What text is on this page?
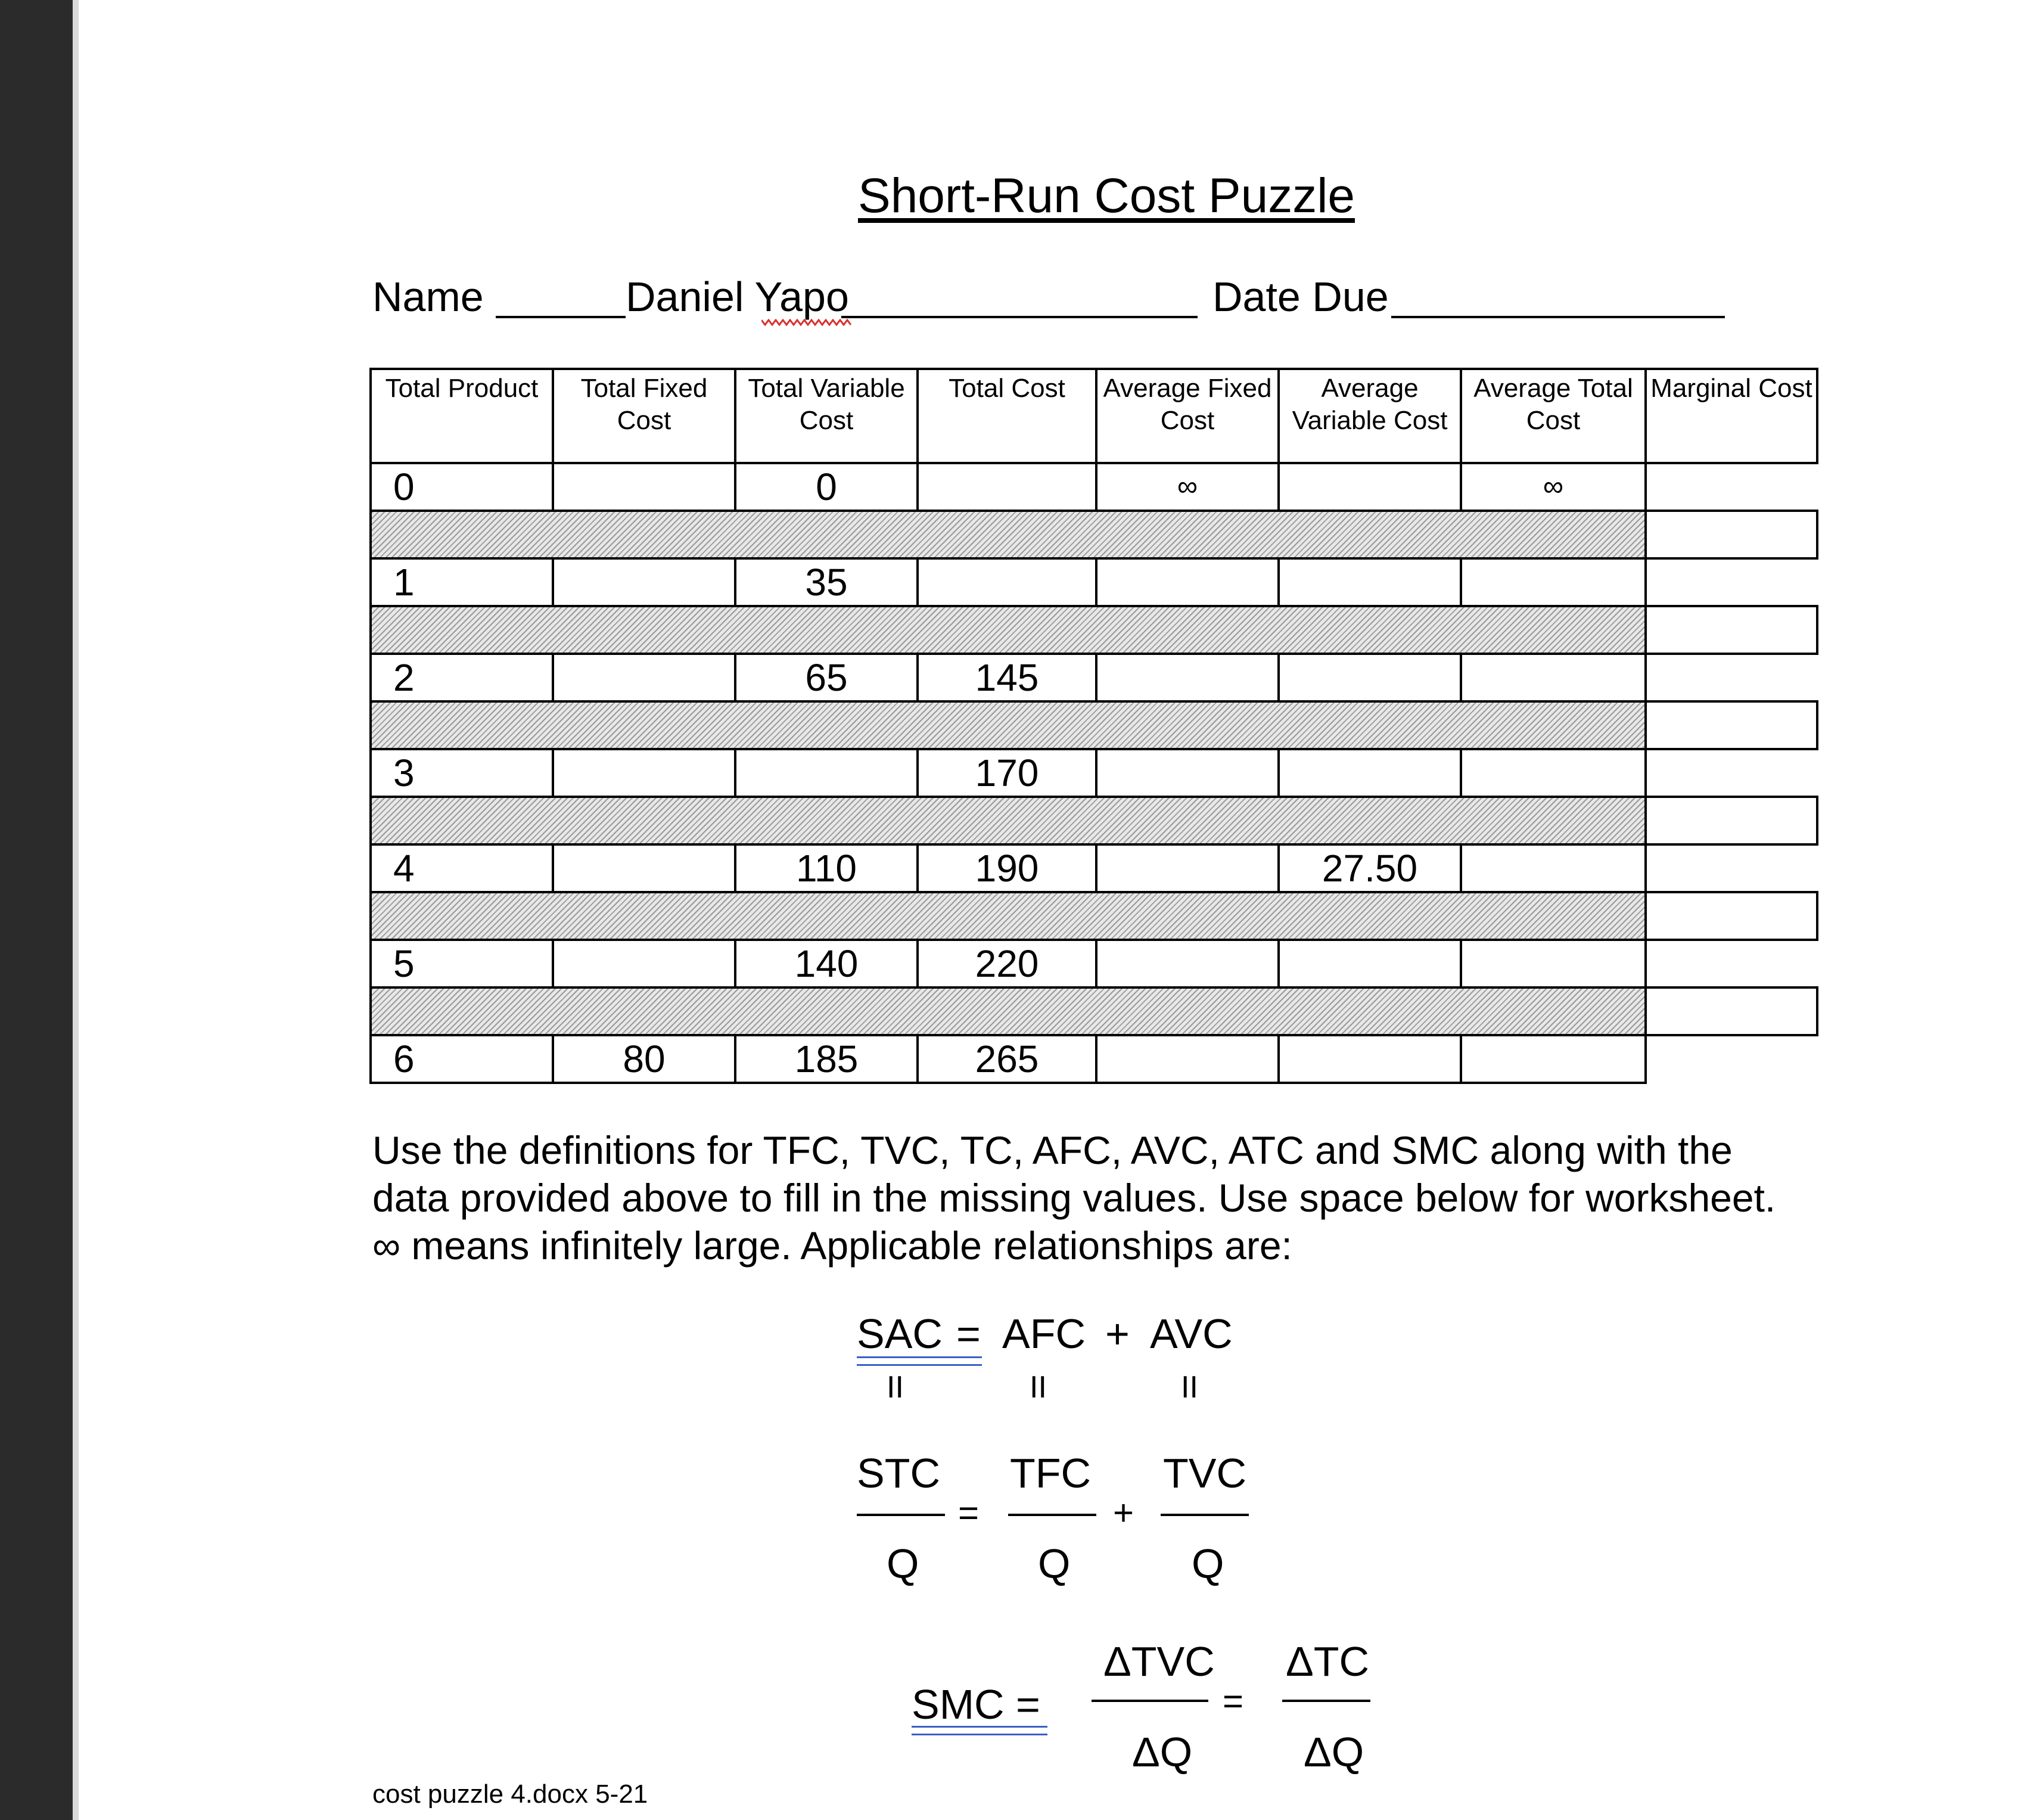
Short-Run Cost Puzzle
Name	Daniel Yapo	Date Due
Total Product	Total Fixed Cost	Total Variable Cost	Total Cost	Average Fixed Cost	Average Variable Cost	Average Total Cost	Marginal Cost
0		0		∞		∞	

1		35					

2		65	145				

3			170				

4		110	190		27.50		

5		140	220				

6	80	185	265				
Use the definitions for TFC, TVC, TC, AFC, AVC, ATC and SMC along with the
data provided above to fill in the missing values. Use space below for worksheet.
∞ means infinitely large. Applicable relationships are:
SAC = AFC + AVC
II	II	II
STC
Q
=
TFC
Q
+
TVC
Q
SMC =
ΔTVC
ΔQ
=
ΔTC
ΔQ
cost puzzle 4.docx 5-21
